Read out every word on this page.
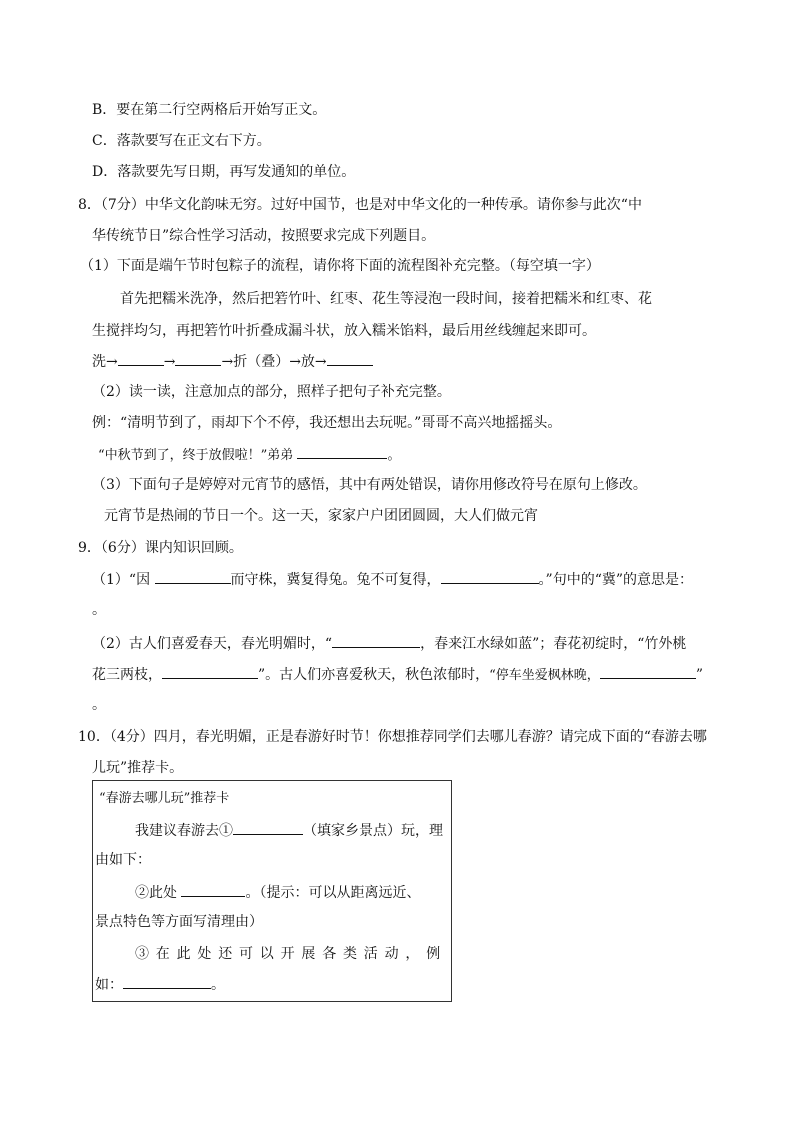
B．要在第二行空两格后开始写正文。
C．落款要写在正文右下方。
D．落款要先写日期，再写发通知的单位。
8．（7分）中华文化韵味无穷。过好中国节，也是对中华文化的一种传承。请你参与此次“中
华传统节日”综合性学习活动，按照要求完成下列题目。
（1）下面是端午节时包粽子的流程，请你将下面的流程图补充完整。（每空填一字）
首先把糯米洗净，然后把箬竹叶、红枣、花生等浸泡一段时间，接着把糯米和红枣、花
生搅拌均匀，再把箬竹叶折叠成漏斗状，放入糯米馅料，最后用丝线缠起来即可。
洗→	→	→折（叠）→放→
（2）读一读，注意加点的部分，照样子把句子补充完整。
例：“清明节到了，雨却下个不停，我还想出去玩呢。”哥哥不高兴地摇摇头。
“中秋节到了，终于放假啦！”弟弟	。
（3）下面句子是婷婷对元宵节的感悟，其中有两处错误，请你用修改符号在原句上修改。
元宵节是热闹的节日一个。这一天，家家户户团团圆圆，大人们做元宵
9．（6分）课内知识回顾。
（1）“因	而守株，冀复得兔。兔不可复得，	。”句中的“冀”的意思是：
。
（2）古人们喜爱春天，春光明媚时，“	，春来江水绿如蓝”；春花初绽时，“竹外桃
花三两枝，	”。古人们亦喜爱秋天，秋色浓郁时，“停车坐爱枫林晚，	”
。
10．（4分）四月，春光明媚，正是春游好时节！你想推荐同学们去哪儿春游？请完成下面的“春游去哪
儿玩”推荐卡。
“春游去哪儿玩”推荐卡
我建议春游去①	（填家乡景点）玩，理
由如下：
②此处	。（提示：可以从距离远近、
景点特色等方面写清理由）
③在此处还可以开展各类活动，例
如：	。
